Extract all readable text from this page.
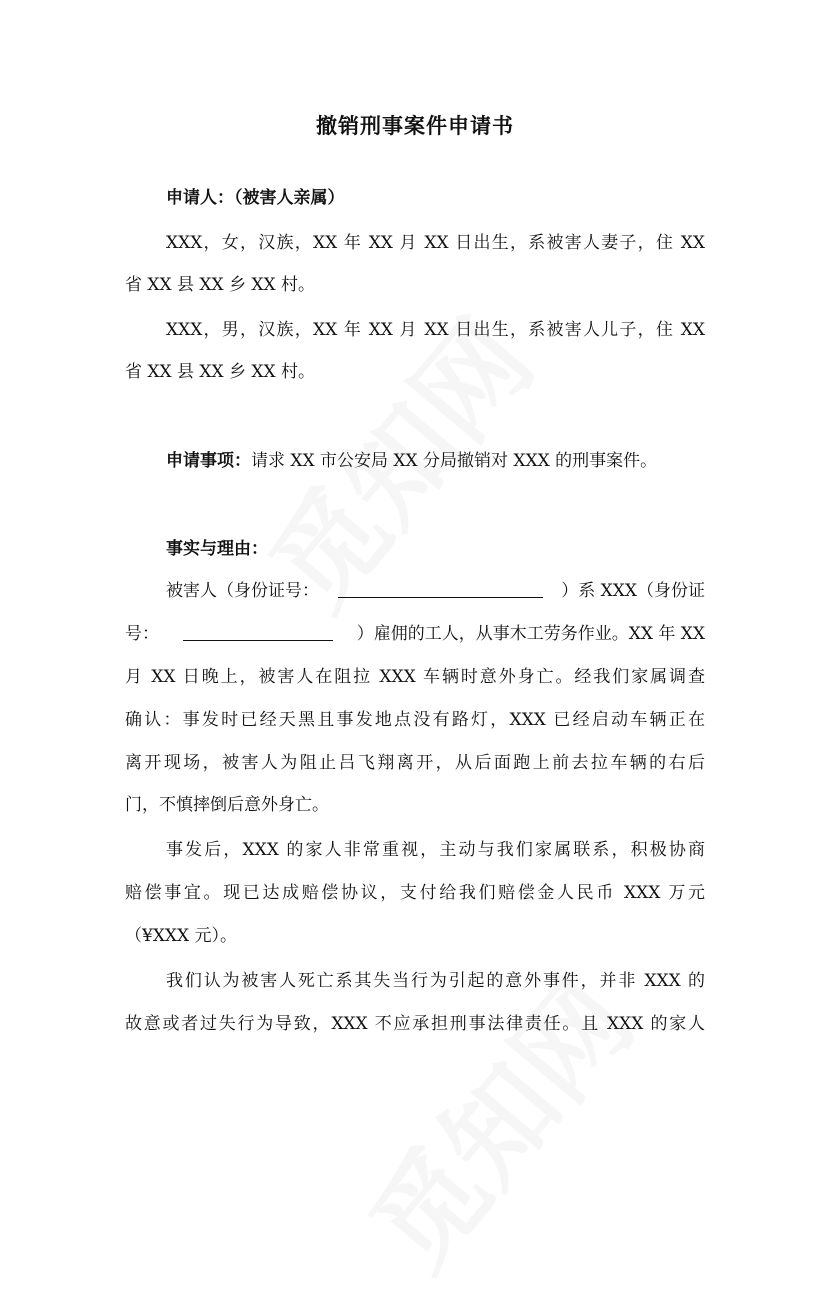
撤销刑事案件申请书
申请人：（被害人亲属）
XXX，女，汉族，XX 年 XX 月 XX 日出生，系被害人妻子，住 XX
省 XX 县 XX 乡 XX 村。
XXX，男，汉族，XX 年 XX 月 XX 日出生，系被害人儿子，住 XX
省 XX 县 XX 乡 XX 村。
申请事项：请求 XX 市公安局 XX 分局撤销对 XXX 的刑事案件。
事实与理由：
被害人（身份证号：	）系 XXX（身份证
号：	）雇佣的工人，从事木工劳务作业。XX 年 XX
月 XX 日晚上，被害人在阻拉 XXX 车辆时意外身亡。经我们家属调查
确认：事发时已经天黑且事发地点没有路灯，XXX 已经启动车辆正在
离开现场，被害人为阻止吕飞翔离开，从后面跑上前去拉车辆的右后
门，不慎摔倒后意外身亡。
事发后，XXX 的家人非常重视，主动与我们家属联系，积极协商
赔偿事宜。现已达成赔偿协议，支付给我们赔偿金人民币 XXX 万元
（¥XXX 元）。
我们认为被害人死亡系其失当行为引起的意外事件，并非 XXX 的
故意或者过失行为导致，XXX 不应承担刑事法律责任。且 XXX 的家人
